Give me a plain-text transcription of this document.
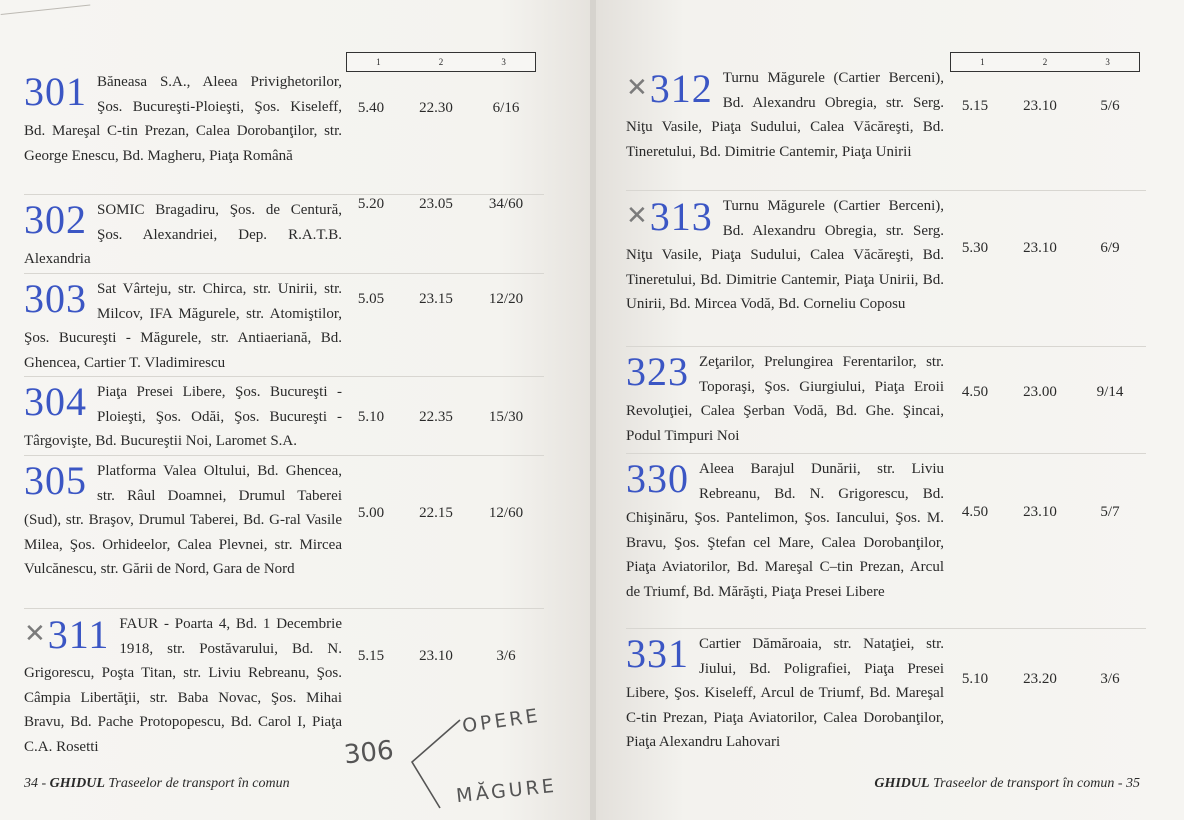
1	2	3
301 Băneasa S.A., Aleea Privighetorilor, Şos. Bucureşti-Ploieşti, Şos. Kiseleff, Bd. Mareşal C-tin Prezan, Calea Dorobanţilor, str. George Enescu, Bd. Magheru, Piaţa Română
5.40	22.30	6/16
302 SOMIC Bragadiru, Şos. de Centură, Şos. Alexandriei, Dep. R.A.T.B. Alexandria
5.20	23.05	34/60
303 Sat Vârteju, str. Chirca, str. Unirii, str. Milcov, IFA Măgurele, str. Atomiştilor, Şos. Bucureşti - Măgurele, str. Antiaeriană, Bd. Ghencea, Cartier T. Vladimirescu
5.05	23.15	12/20
304 Piaţa Presei Libere, Şos. Bucureşti - Ploieşti, Şos. Odăi, Şos. Bucureşti -Târgovişte, Bd. Bucureştii Noi, Laromet S.A.
5.10	22.35	15/30
305 Platforma Valea Oltului, Bd. Ghencea, str. Râul Doamnei, Drumul Taberei (Sud), str. Braşov, Drumul Taberei, Bd. G-ral Vasile Milea, Şos. Orhideelor, Calea Plevnei, str. Mircea Vulcănescu, str. Gării de Nord, Gara de Nord
5.00	22.15	12/60
✕311 FAUR - Poarta 4, Bd. 1 Decembrie 1918, str. Postăvarului, Bd. N. Grigorescu, Poşta Titan, str. Liviu Rebreanu, Şos. Câmpia Libertăţii, str. Baba Novac, Şos. Mihai Bravu, Bd. Pache Protopopescu, Bd. Carol I, Piaţa C.A. Rosetti
5.15	23.10	3/6
306
OPERE
MĂGURE
34 - GHIDUL Traseelor de transport în comun
1	2	3
✕312 Turnu Măgurele (Cartier Berceni), Bd. Alexandru Obregia, str. Serg. Niţu Vasile, Piaţa Sudului, Calea Văcăreşti, Bd. Tineretului, Bd. Dimitrie Cantemir, Piaţa Unirii
5.15	23.10	5/6
✕313 Turnu Măgurele (Cartier Berceni), Bd. Alexandru Obregia, str. Serg. Niţu Vasile, Piaţa Sudului, Calea Văcăreşti, Bd. Tineretului, Bd. Dimitrie Cantemir, Piaţa Unirii, Bd. Unirii, Bd. Mircea Vodă, Bd. Corneliu Coposu
5.30	23.10	6/9
323 Zeţarilor, Prelungirea Ferentarilor, str. Toporaşi, Şos. Giurgiului, Piaţa Eroii Revoluţiei, Calea Şerban Vodă, Bd. Ghe. Şincai, Podul Timpuri Noi
4.50	23.00	9/14
330 Aleea Barajul Dunării, str. Liviu Rebreanu, Bd. N. Grigorescu, Bd. Chişinăru, Şos. Pantelimon, Şos. Iancului, Şos. M. Bravu, Şos. Ştefan cel Mare, Calea Dorobanţilor, Piaţa Aviatorilor, Bd. Mareşal C–tin Prezan, Arcul de Triumf, Bd. Mărăşti, Piaţa Presei Libere
4.50	23.10	5/7
331 Cartier Dămăroaia, str. Nataţiei, str. Jiului, Bd. Poligrafiei, Piaţa Presei Libere, Şos. Kiseleff, Arcul de Triumf, Bd. Mareşal C-tin Prezan, Piaţa Aviatorilor, Calea Dorobanţilor, Piaţa Alexandru Lahovari
5.10	23.20	3/6
GHIDUL Traseelor de transport în comun - 35
